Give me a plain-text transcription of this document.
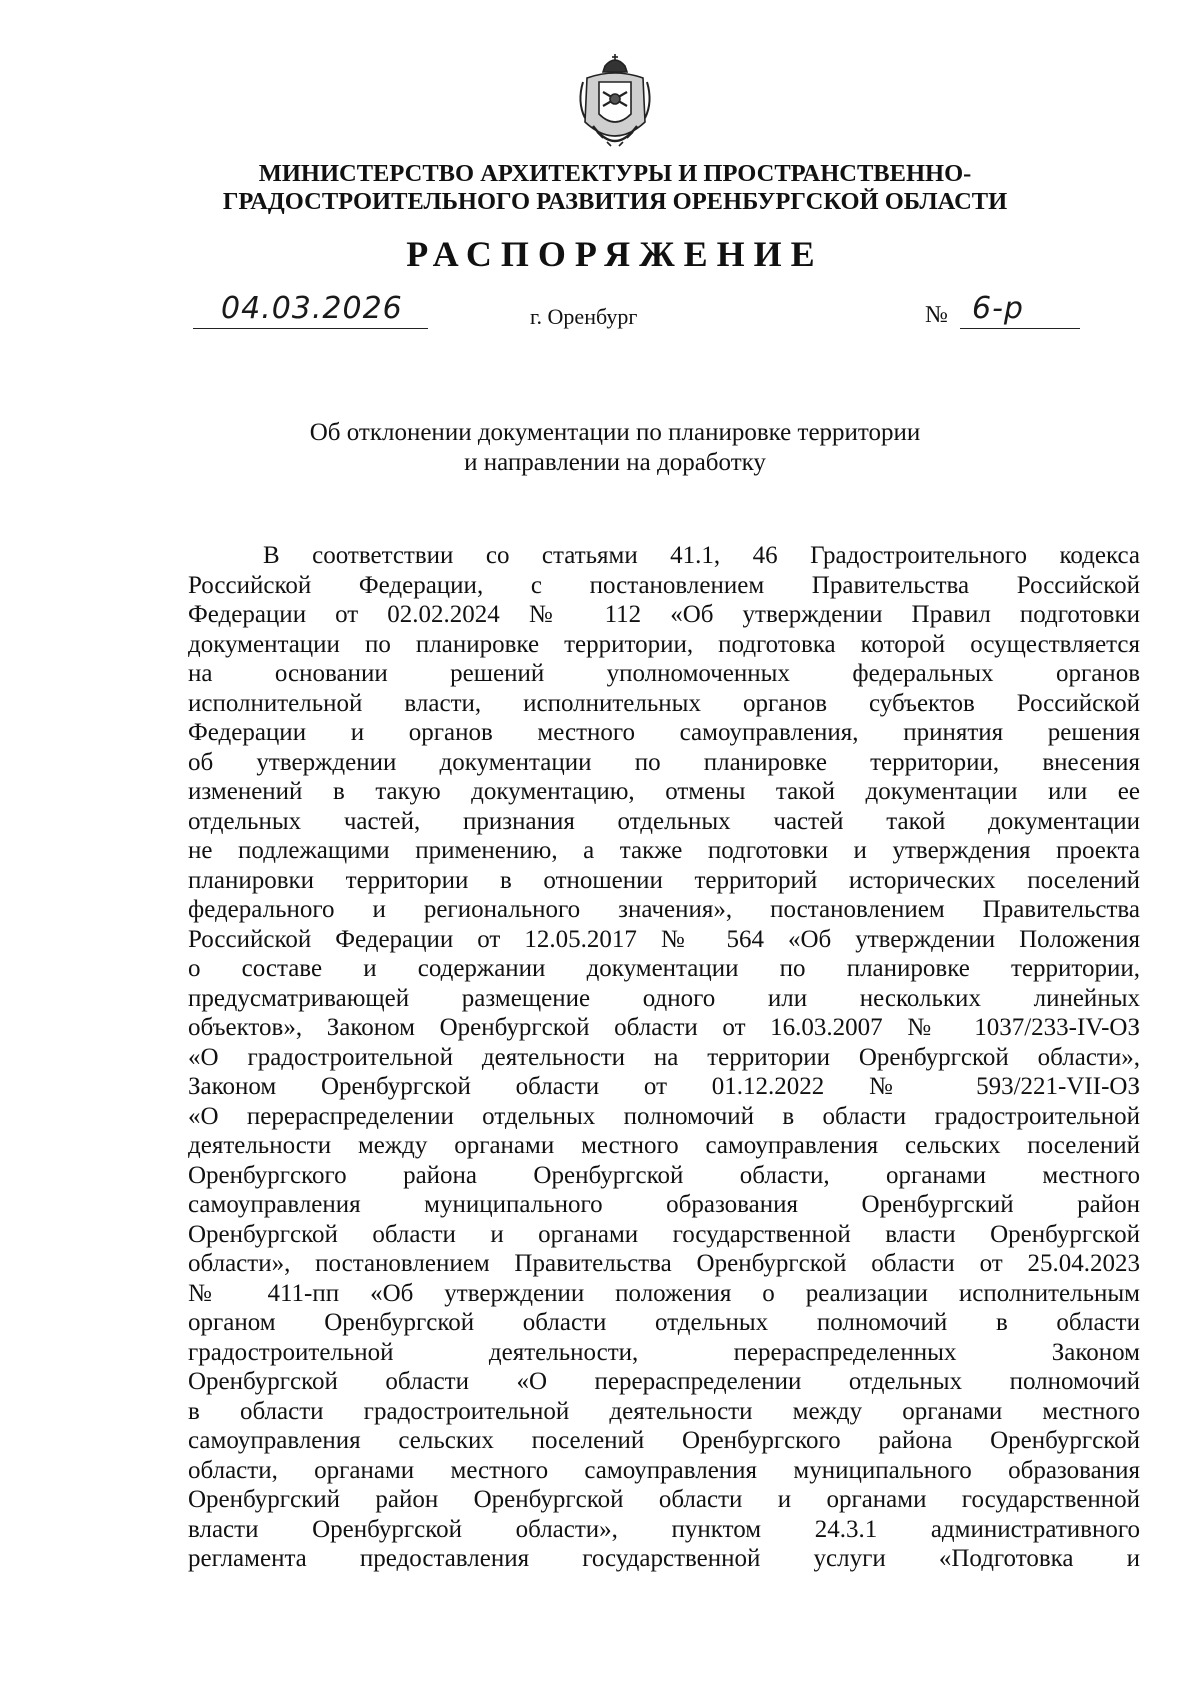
МИНИСТЕРСТВО АРХИТЕКТУРЫ И ПРОСТРАНСТВЕННО-
ГРАДОСТРОИТЕЛЬНОГО РАЗВИТИЯ ОРЕНБУРГСКОЙ ОБЛАСТИ
РАСПОРЯЖЕНИЕ
04.03.2026	г. Оренбург	№ 6-р
Об отклонении документации по планировке территории
и направлении на доработку
В соответствии со статьями 41.1, 46 Градостроительного кодекса
Российской Федерации, с постановлением Правительства Российской
Федерации от 02.02.2024 № 112 «Об утверждении Правил подготовки
документации по планировке территории, подготовка которой осуществляется
на основании решений уполномоченных федеральных органов
исполнительной власти, исполнительных органов субъектов Российской
Федерации и органов местного самоуправления, принятия решения
об утверждении документации по планировке территории, внесения
изменений в такую документацию, отмены такой документации или ее
отдельных частей, признания отдельных частей такой документации
не подлежащими применению, а также подготовки и утверждения проекта
планировки территории в отношении территорий исторических поселений
федерального и регионального значения», постановлением Правительства
Российской Федерации от 12.05.2017 № 564 «Об утверждении Положения
о составе и содержании документации по планировке территории,
предусматривающей размещение одного или нескольких линейных
объектов», Законом Оренбургской области от 16.03.2007 № 1037/233-IV-ОЗ
«О градостроительной деятельности на территории Оренбургской области»,
Законом Оренбургской области от 01.12.2022 № 593/221-VII-ОЗ
«О перераспределении отдельных полномочий в области градостроительной
деятельности между органами местного самоуправления сельских поселений
Оренбургского района Оренбургской области, органами местного
самоуправления муниципального образования Оренбургский район
Оренбургской области и органами государственной власти Оренбургской
области», постановлением Правительства Оренбургской области от 25.04.2023
№ 411-пп «Об утверждении положения о реализации исполнительным
органом Оренбургской области отдельных полномочий в области
градостроительной деятельности, перераспределенных Законом
Оренбургской области «О перераспределении отдельных полномочий
в области градостроительной деятельности между органами местного
самоуправления сельских поселений Оренбургского района Оренбургской
области, органами местного самоуправления муниципального образования
Оренбургский район Оренбургской области и органами государственной
власти Оренбургской области», пунктом 24.3.1 административного
регламента предоставления государственной услуги «Подготовка и
